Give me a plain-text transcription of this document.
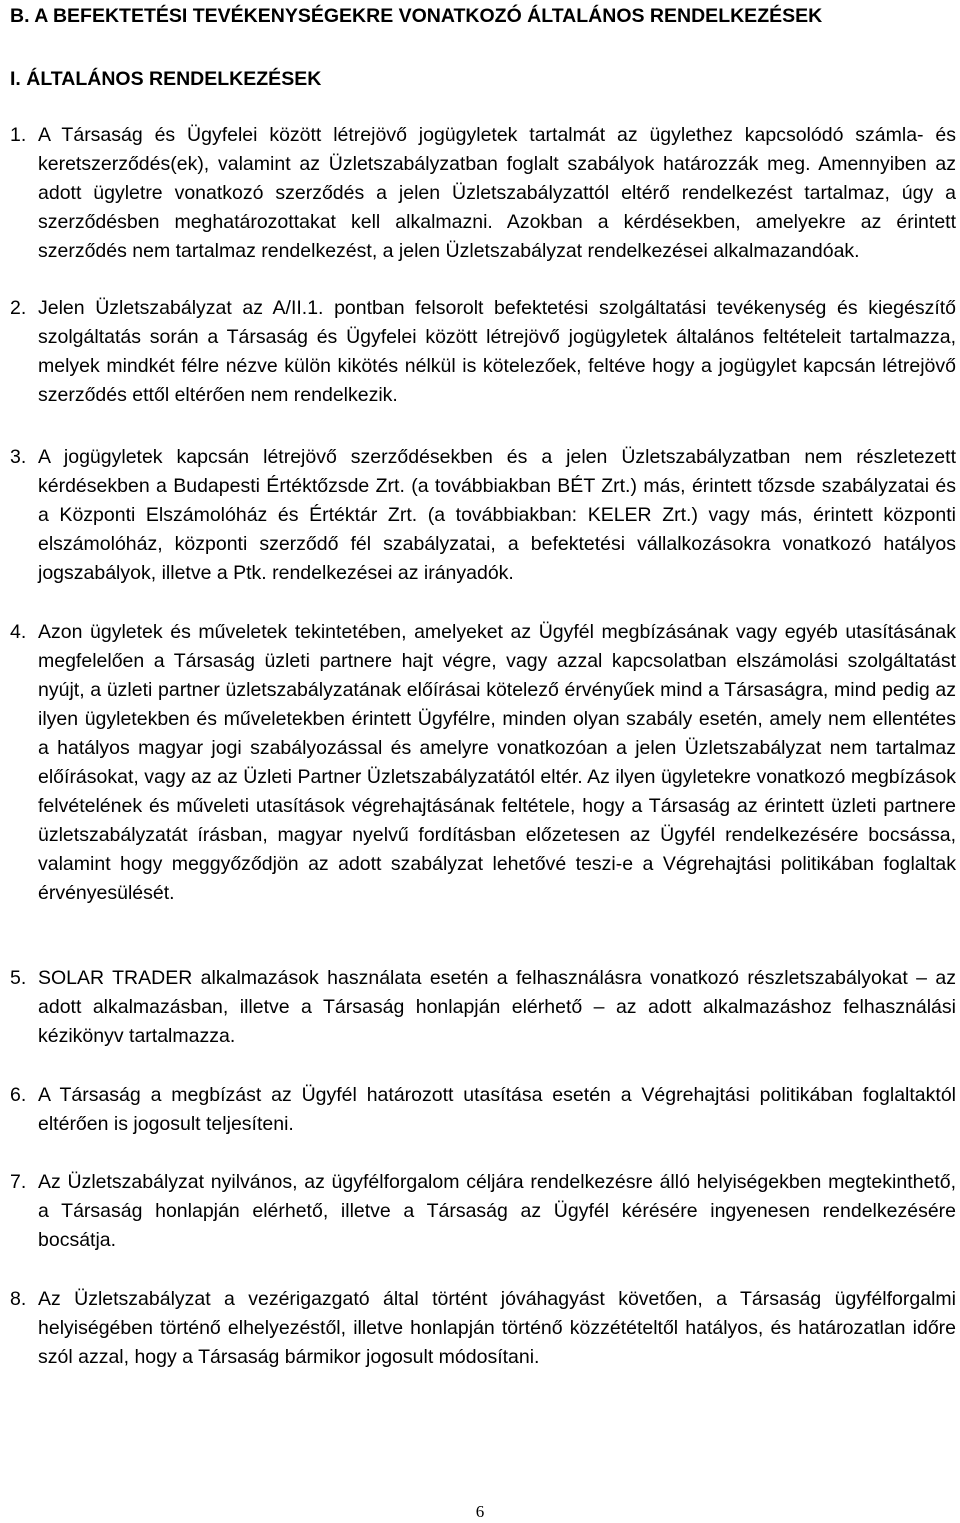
B. A BEFEKTETÉSI TEVÉKENYSÉGEKRE VONATKOZÓ ÁLTALÁNOS RENDELKEZÉSEK
I. ÁLTALÁNOS RENDELKEZÉSEK
1. A Társaság és Ügyfelei között létrejövő jogügyletek tartalmát az ügylethez kapcsolódó számla- és keretszerződés(ek), valamint az Üzletszabályzatban foglalt szabályok határozzák meg. Amennyiben az adott ügyletre vonatkozó szerződés a jelen Üzletszabályzattól eltérő rendelkezést tartalmaz, úgy a szerződésben meghatározottakat kell alkalmazni. Azokban a kérdésekben, amelyekre az érintett szerződés nem tartalmaz rendelkezést, a jelen Üzletszabályzat rendelkezései alkalmazandóak.

2. Jelen Üzletszabályzat az A/II.1. pontban felsorolt befektetési szolgáltatási tevékenység és kiegészítő szolgáltatás során a Társaság és Ügyfelei között létrejövő jogügyletek általános feltételeit tartalmazza, melyek mindkét félre nézve külön kikötés nélkül is kötelezőek, feltéve hogy a jogügylet kapcsán létrejövő szerződés ettől eltérően nem rendelkezik.

3. A jogügyletek kapcsán létrejövő szerződésekben és a jelen Üzletszabályzatban nem részletezett kérdésekben a Budapesti Értéktőzsde Zrt. (a továbbiakban BÉT Zrt.) más, érintett tőzsde szabályzatai és a Központi Elszámolóház és Értéktár Zrt. (a továbbiakban: KELER Zrt.) vagy más, érintett központi elszámolóház, központi szerződő fél szabályzatai, a befektetési vállalkozásokra vonatkozó hatályos jogszabályok, illetve a Ptk. rendelkezései az irányadók.

4. Azon ügyletek és műveletek tekintetében, amelyeket az Ügyfél megbízásának vagy egyéb utasításának megfelelően a Társaság üzleti partnere hajt végre, vagy azzal kapcsolatban elszámolási szolgáltatást nyújt, a üzleti partner üzletszabályzatának előírásai kötelező érvényűek mind a Társaságra, mind pedig az ilyen ügyletekben és műveletekben érintett Ügyfélre, minden olyan szabály esetén, amely nem ellentétes a hatályos magyar jogi szabályozással és amelyre vonatkozóan a jelen Üzletszabályzat nem tartalmaz előírásokat, vagy az az Üzleti Partner Üzletszabályzatától eltér. Az ilyen ügyletekre vonatkozó megbízások felvételének és műveleti utasítások végrehajtásának feltétele, hogy a Társaság az érintett üzleti partnere üzletszabályzatát írásban, magyar nyelvű fordításban előzetesen az Ügyfél rendelkezésére bocsássa, valamint hogy meggyőződjön az adott szabályzat lehetővé teszi-e a Végrehajtási politikában foglaltak érvényesülését.

5. SOLAR TRADER alkalmazások használata esetén a felhasználásra vonatkozó részletszabályokat – az adott alkalmazásban, illetve a Társaság honlapján elérhető – az adott alkalmazáshoz felhasználási kézikönyv tartalmazza.

6. A Társaság a megbízást az Ügyfél határozott utasítása esetén a Végrehajtási politikában foglaltaktól eltérően is jogosult teljesíteni.

7. Az Üzletszabályzat nyilvános, az ügyfélforgalom céljára rendelkezésre álló helyiségekben megtekinthető, a Társaság honlapján elérhető, illetve a Társaság az Ügyfél kérésére ingyenesen rendelkezésére bocsátja.

8. Az Üzletszabályzat a vezérigazgató által történt jóváhagyást követően, a Társaság ügyfélforgalmi helyiségében történő elhelyezéstől, illetve honlapján történő közzétételtől hatályos, és határozatlan időre szól azzal, hogy a Társaság bármikor jogosult módosítani.

6
